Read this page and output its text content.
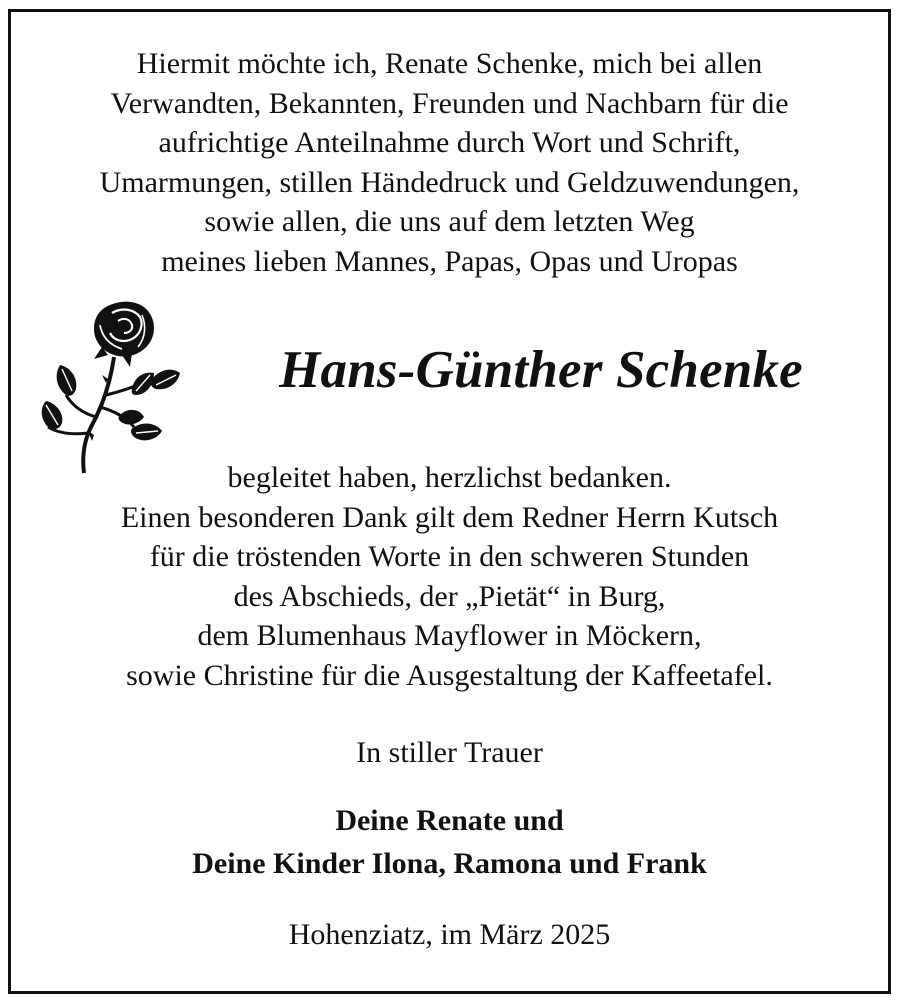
Hiermit möchte ich, Renate Schenke, mich bei allen
Verwandten, Bekannten, Freunden und Nachbarn für die
aufrichtige Anteilnahme durch Wort und Schrift,
Umarmungen, stillen Händedruck und Geldzuwendungen,
sowie allen, die uns auf dem letzten Weg
meines lieben Mannes, Papas, Opas und Uropas
Hans-Günther Schenke
begleitet haben, herzlichst bedanken.
Einen besonderen Dank gilt dem Redner Herrn Kutsch
für die tröstenden Worte in den schweren Stunden
des Abschieds, der „Pietät“ in Burg,
dem Blumenhaus Mayflower in Möckern,
sowie Christine für die Ausgestaltung der Kaffeetafel.
In stiller Trauer
Deine Renate und
Deine Kinder Ilona, Ramona und Frank
Hohenziatz, im März 2025
